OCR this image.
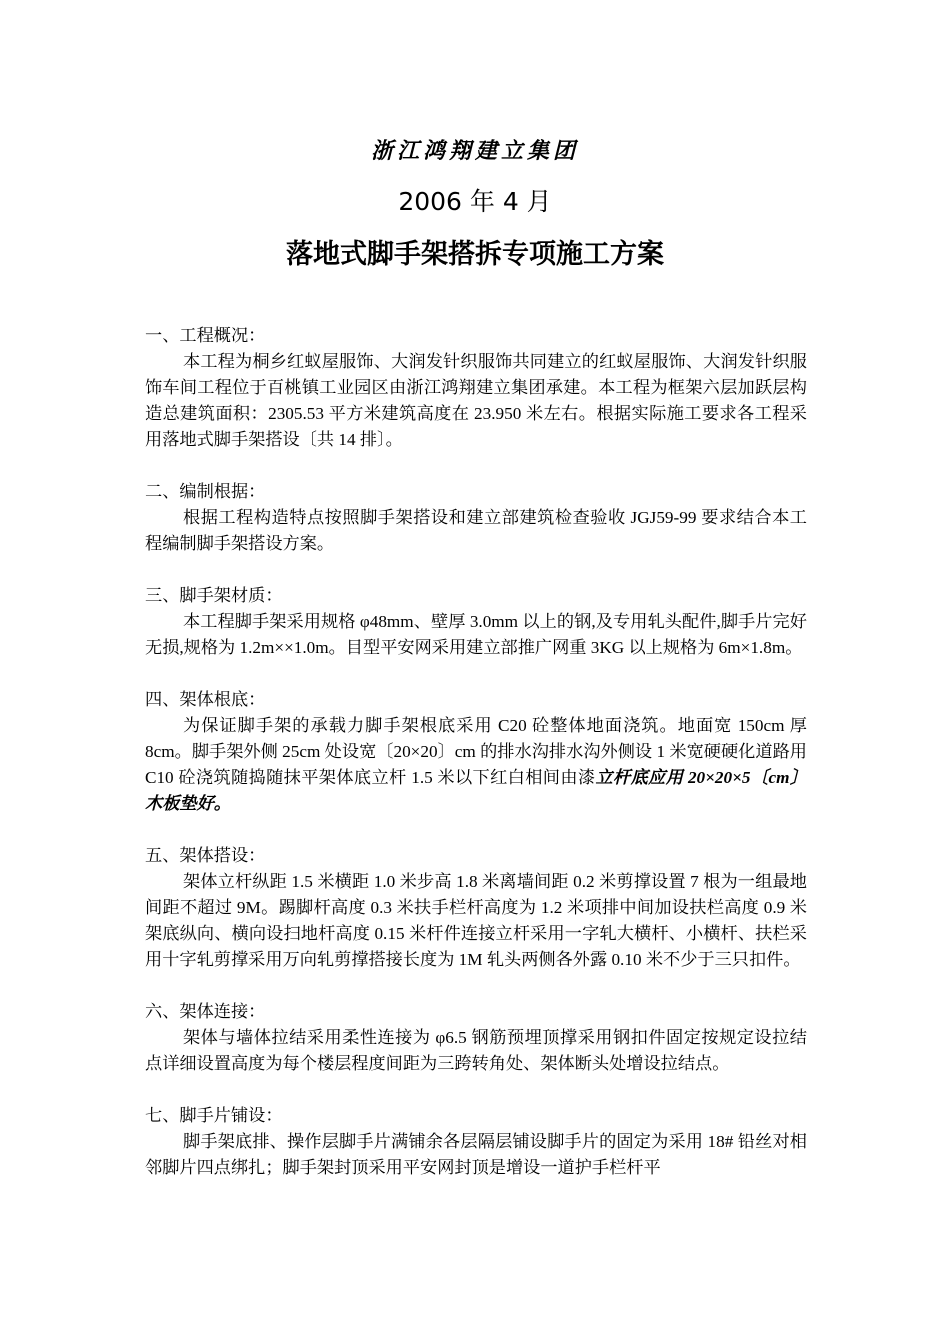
浙江鸿翔建立集团
2006 年 4 月
落地式脚手架搭拆专项施工方案

一、工程概况：

本工程为桐乡红蚁屋服饰、大润发针织服饰共同建立的红蚁屋服饰、大润发针织服饰车间工程位于百桃镇工业园区由浙江鸿翔建立集团承建。本工程为框架六层加跃层构造总建筑面积：2305.53 平方米建筑高度在 23.950 米左右。根据实际施工要求各工程采用落地式脚手架搭设〔共 14 排〕。

二、编制根据：

根据工程构造特点按照脚手架搭设和建立部建筑检查验收 JGJ59-99 要求结合本工程编制脚手架搭设方案。

三、脚手架材质：

本工程脚手架采用规格 φ48mm、壁厚 3.0mm 以上的钢,及专用轧头配件,脚手片完好无损,规格为 1.2m××1.0m。目型平安网采用建立部推广网重 3KG 以上规格为 6m×1.8m。

四、架体根底：

为保证脚手架的承载力脚手架根底采用 C20 砼整体地面浇筑。地面宽 150cm 厚 8cm。脚手架外侧 25cm 处设宽〔20×20〕cm 的排水沟排水沟外侧设 1 米宽硬硬化道路用 C10 砼浇筑随捣随抹平架体底立杆 1.5 米以下红白相间由漆立杆底应用 20×20×5〔cm〕木板垫好。

五、架体搭设：

架体立杆纵距 1.5 米横距 1.0 米步高 1.8 米离墙间距 0.2 米剪撑设置 7 根为一组最地间距不超过 9M。踢脚杆高度 0.3 米扶手栏杆高度为 1.2 米项排中间加设扶栏高度 0.9 米架底纵向、横向设扫地杆高度 0.15 米杆件连接立杆采用一字轧大横杆、小横杆、扶栏采用十字轧剪撑采用万向轧剪撑搭接长度为 1M 轧头两侧各外露 0.10 米不少于三只扣件。

六、架体连接：

架体与墙体拉结采用柔性连接为 φ6.5 钢筋预埋顶撑采用钢扣件固定按规定设拉结点详细设置高度为每个楼层程度间距为三跨转角处、架体断头处增设拉结点。

七、脚手片铺设：

脚手架底排、操作层脚手片满铺余各层隔层铺设脚手片的固定为采用 18# 铅丝对相邻脚片四点绑扎；脚手架封顶采用平安网封顶是增设一道护手栏杆平
